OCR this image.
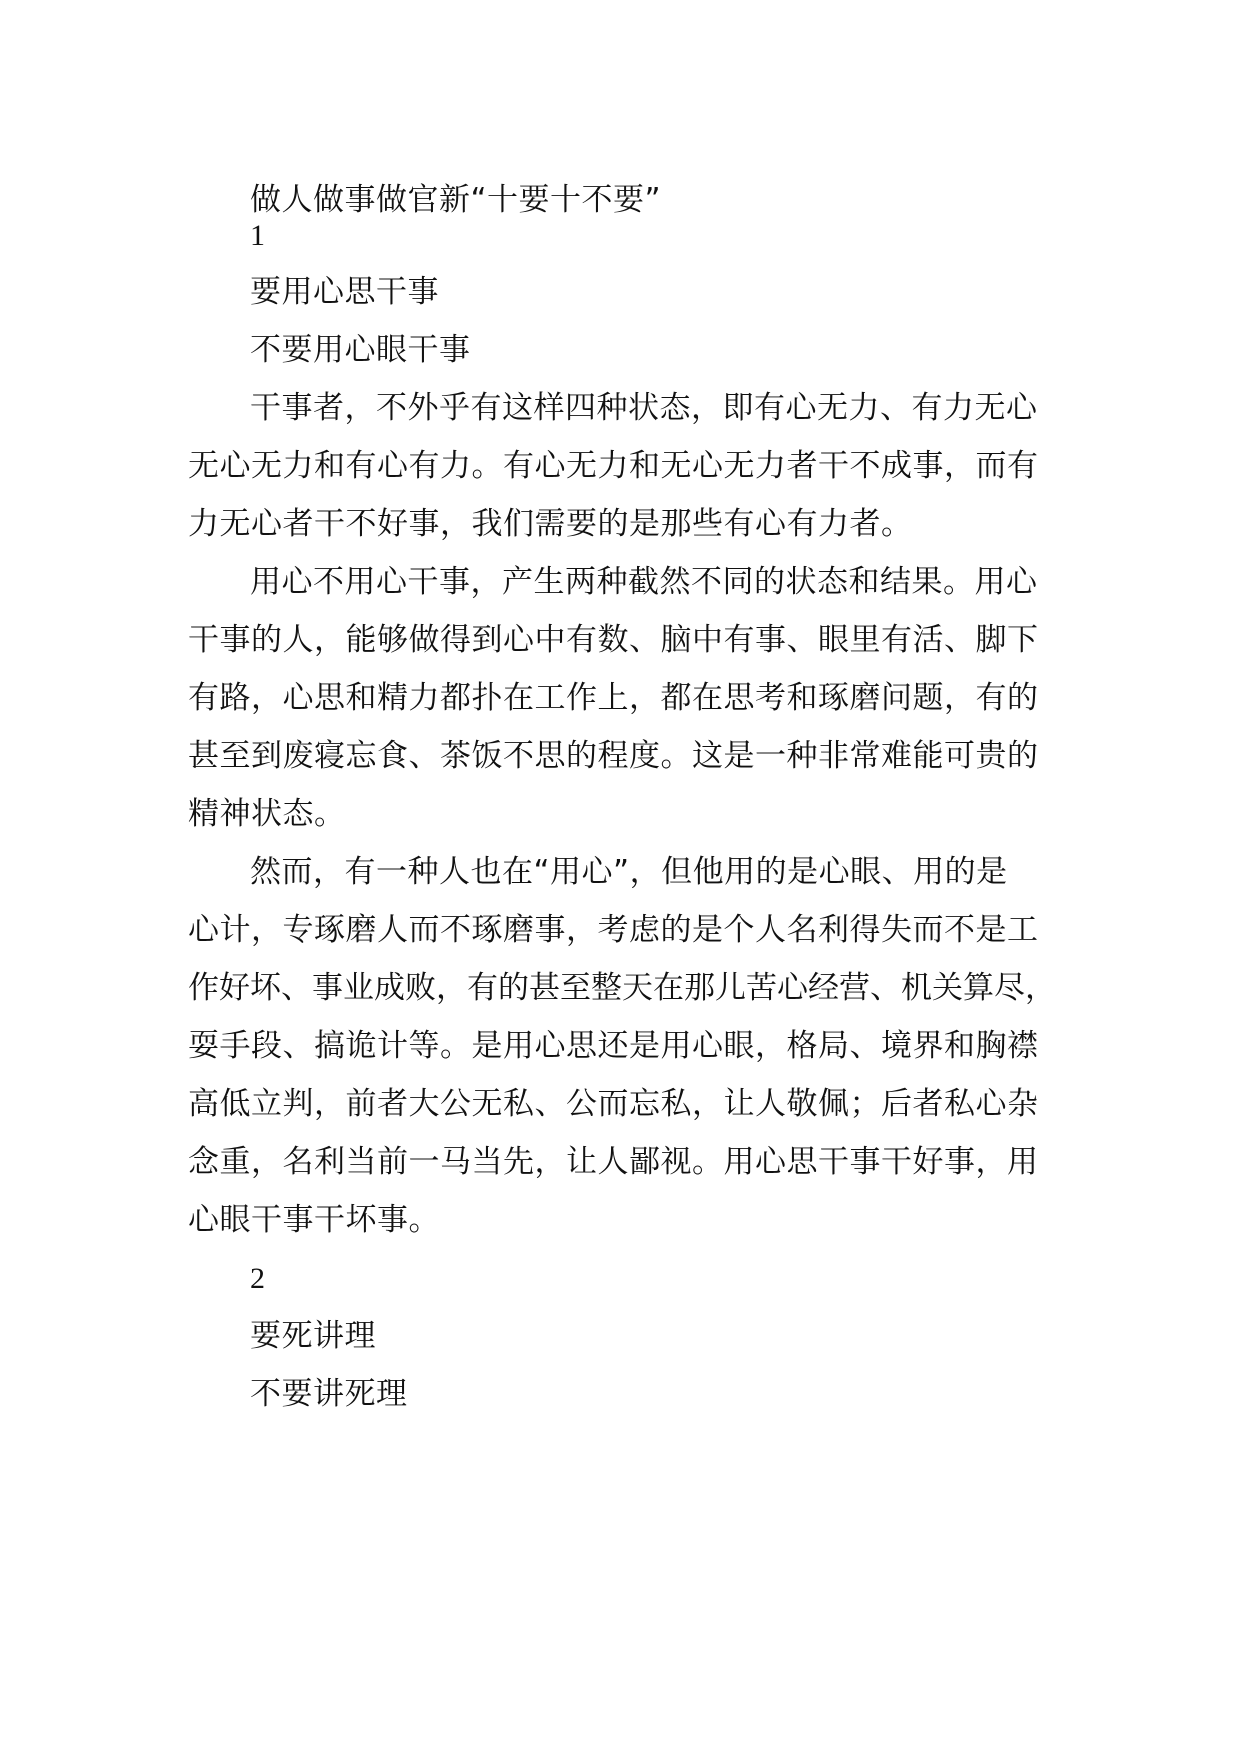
做人做事做官新“十要十不要”

1

要用心思干事

不要用心眼干事

干事者，不外乎有这样四种状态，即有心无力、有力无心

无心无力和有心有力。有心无力和无心无力者干不成事，而有

力无心者干不好事，我们需要的是那些有心有力者。

用心不用心干事，产生两种截然不同的状态和结果。用心

干事的人，能够做得到心中有数、脑中有事、眼里有活、脚下

有路，心思和精力都扑在工作上，都在思考和琢磨问题，有的

甚至到废寝忘食、茶饭不思的程度。这是一种非常难能可贵的

精神状态。

然而，有一种人也在“用心”，但他用的是心眼、用的是

心计，专琢磨人而不琢磨事，考虑的是个人名利得失而不是工

作好坏、事业成败，有的甚至整天在那儿苦心经营、机关算尽，

耍手段、搞诡计等。是用心思还是用心眼，格局、境界和胸襟

高低立判，前者大公无私、公而忘私，让人敬佩；后者私心杂

念重，名利当前一马当先，让人鄙视。用心思干事干好事，用

心眼干事干坏事。

2

要死讲理

不要讲死理
